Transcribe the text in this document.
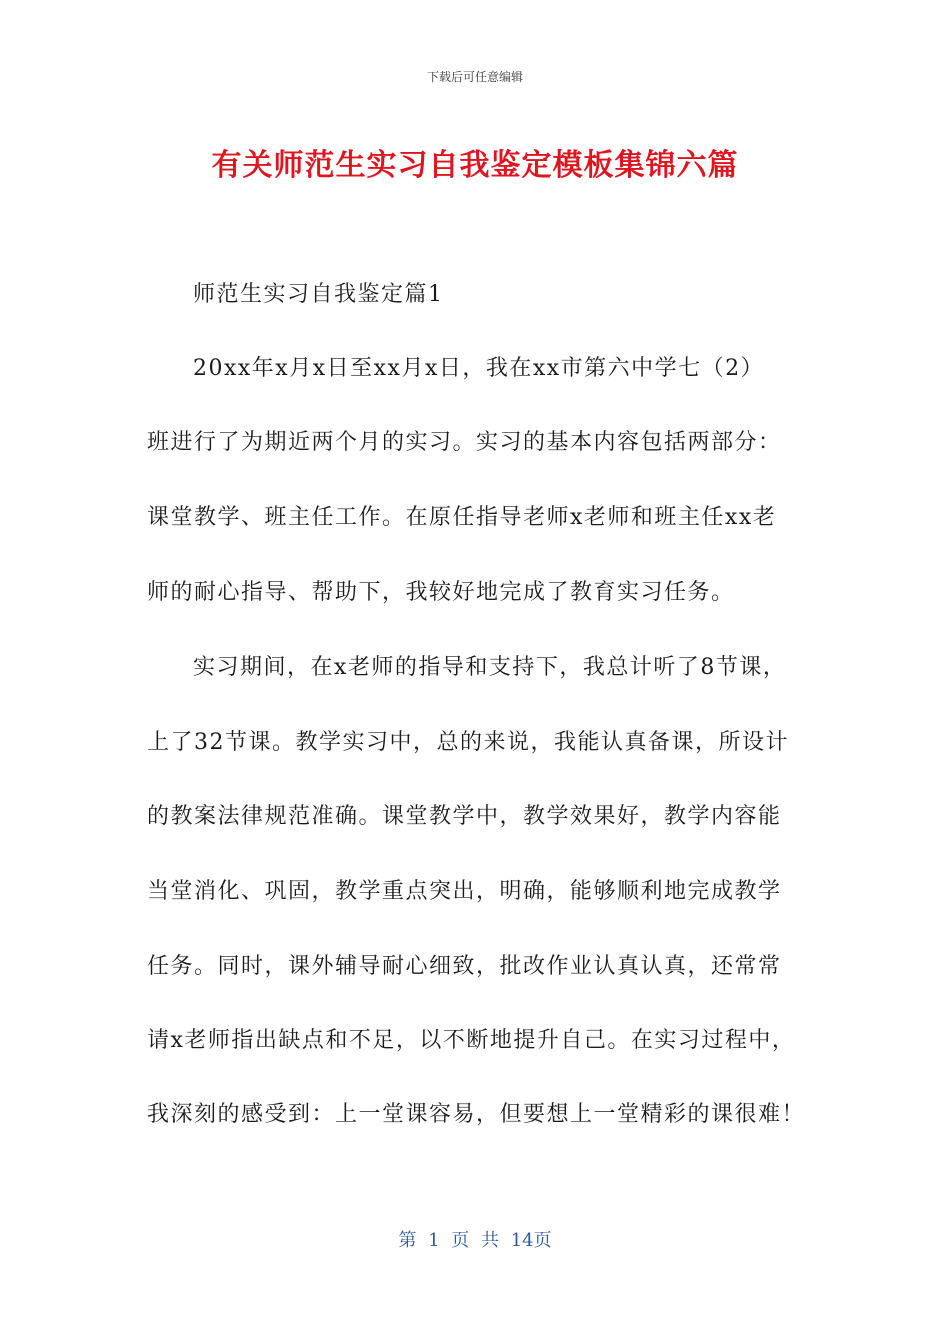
下载后可任意编辑
有关师范生实习自我鉴定模板集锦六篇
师范生实习自我鉴定篇1
20xx年x月x日至xx月x日，我在xx市第六中学七（2）
班进行了为期近两个月的实习。实习的基本内容包括两部分：
课堂教学、班主任工作。在原任指导老师x老师和班主任xx老
师的耐心指导、帮助下，我较好地完成了教育实习任务。
实习期间，在x老师的指导和支持下，我总计听了8节课，
上了32节课。教学实习中，总的来说，我能认真备课，所设计
的教案法律规范准确。课堂教学中，教学效果好，教学内容能
当堂消化、巩固，教学重点突出，明确，能够顺利地完成教学
任务。同时，课外辅导耐心细致，批改作业认真认真，还常常
请x老师指出缺点和不足，以不断地提升自己。在实习过程中，
我深刻的感受到：上一堂课容易，但要想上一堂精彩的课很难！
第 1 页 共 14页
